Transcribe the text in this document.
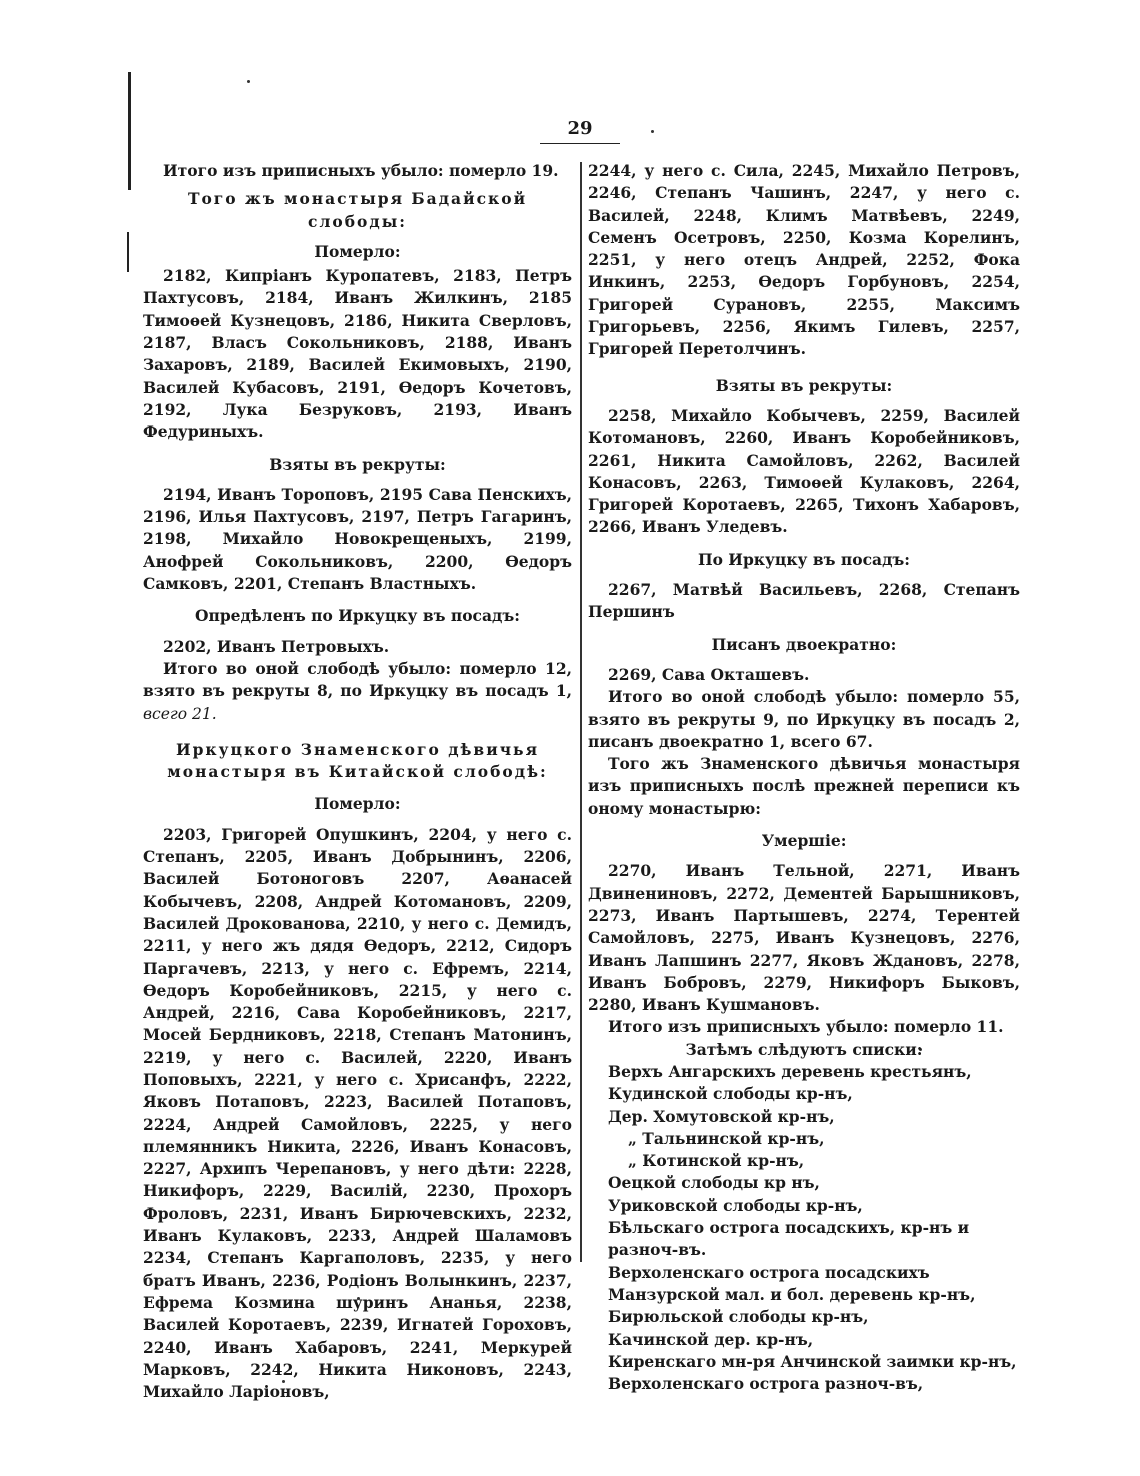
29

Итого изъ приписныхъ убыло: померло 19.

Того жъ монастыря Бадайской слободы:

Померло:

2182, Кипріанъ Куропатевъ, 2183, Петръ Пахтусовъ, 2184, Иванъ Жилкинъ, 2185 Тимоѳей Кузнецовъ, 2186, Никита Сверловъ, 2187, Власъ Сокольниковъ, 2188, Иванъ Захаровъ, 2189, Василей Екимовыхъ, 2190, Василей Кубасовъ, 2191, Ѳедоръ Кочетовъ, 2192, Лука Безруковъ, 2193, Иванъ Федуриныхъ.

Взяты въ рекруты:

2194, Иванъ Тороповъ, 2195 Сава Пенскихъ, 2196, Илья Пахтусовъ, 2197, Петръ Гагаринъ, 2198, Михайло Новокрещеныхъ, 2199, Анофрей Сокольниковъ, 2200, Ѳедоръ Самковъ, 2201, Степанъ Властныхъ.

Опредѣленъ по Иркуцку въ посадъ:

2202, Иванъ Петровыхъ.

Итого во оной слободѣ убыло: померло 12, взято въ рекруты 8, по Иркуцку въ посадъ 1, всего 21.

Иркуцкого Знаменского дѣвичья монастыря въ Китайской слободѣ:

Померло:

2203, Григорей Опушкинъ, 2204, у него с. Степанъ, 2205, Иванъ Добрынинъ, 2206, Василей Ботоноговъ 2207, Аѳанасей Кобычевъ, 2208, Андрей Котомановъ, 2209, Василей Дрокованова, 2210, у него с. Демидъ, 2211, у него жъ дядя Ѳедоръ, 2212, Сидоръ Паргачевъ, 2213, у него с. Ефремъ, 2214, Ѳедоръ Коробейниковъ, 2215, у него с. Андрей, 2216, Сава Коробейниковъ, 2217, Мосей Бердниковъ, 2218, Степанъ Матонинъ, 2219, у него с. Василей, 2220, Иванъ Поповыхъ, 2221, у него с. Хрисанфъ, 2222, Яковъ Потаповъ, 2223, Василей Потаповъ, 2224, Андрей Самойловъ, 2225, у него племянникъ Никита, 2226, Иванъ Конасовъ, 2227, Архипъ Черепановъ, у него дѣти: 2228, Никифоръ, 2229, Василій, 2230, Прохоръ Фроловъ, 2231, Иванъ Бирючевскихъ, 2232, Иванъ Кулаковъ, 2233, Андрей Шаламовъ 2234, Степанъ Каргаполовъ, 2235, у него братъ Иванъ, 2236, Родіонъ Волынкинъ, 2237, Ефрема Козмина шуринъ Ананья, 2238, Василей Коротаевъ, 2239, Игнатей Гороховъ, 2240, Иванъ Хабаровъ, 2241, Меркурей Марковъ, 2242, Никита Никоновъ, 2243, Михайло Ларіоновъ,

2244, у него с. Сила, 2245, Михайло Петровъ, 2246, Степанъ Чашинъ, 2247, у него с. Василей, 2248, Климъ Матвѣевъ, 2249, Семенъ Осетровъ, 2250, Козма Корелинъ, 2251, у него отецъ Андрей, 2252, Фока Инкинъ, 2253, Ѳедоръ Горбуновъ, 2254, Григорей Сурановъ, 2255, Максимъ Григорьевъ, 2256, Якимъ Гилевъ, 2257, Григорей Перетолчинъ.

Взяты въ рекруты:

2258, Михайло Кобычевъ, 2259, Василей Котомановъ, 2260, Иванъ Коробейниковъ, 2261, Никита Самойловъ, 2262, Василей Конасовъ, 2263, Тимоѳей Кулаковъ, 2264, Григорей Коротаевъ, 2265, Тихонъ Хабаровъ, 2266, Иванъ Уледевъ.

По Иркуцку въ посадъ:

2267, Матвѣй Васильевъ, 2268, Степанъ Першинъ

Писанъ двоекратно:

2269, Сава Окташевъ.

Итого во оной слободѣ убыло: померло 55, взято въ рекруты 9, по Иркуцку въ посадъ 2, писанъ двоекратно 1, всего 67.

Того жъ Знаменского дѣвичья монастыря изъ приписныхъ послѣ прежней переписи къ оному монастырю:

Умершіе:

2270, Иванъ Тельной, 2271, Иванъ Двинениновъ, 2272, Дементей Барышниковъ, 2273, Иванъ Партышевъ, 2274, Терентей Самойловъ, 2275, Иванъ Кузнецовъ, 2276, Иванъ Лапшинъ 2277, Яковъ Ждановъ, 2278, Иванъ Бобровъ, 2279, Никифоръ Быковъ, 2280, Иванъ Кушмановъ.

Итого изъ приписныхъ убыло: померло 11.

Затѣмъ слѣдуютъ списки:

Верхъ Ангарскихъ деревень крестьянъ,

Кудинской слободы кр-нъ,

Дер. Хомутовской кр-нъ,

„ Тальнинской кр-нъ,

„ Котинской кр-нъ,

Оецкой слободы кр нъ,

Уриковской слободы кр-нъ,

Бѣльскаго острога посадскихъ, кр-нъ и разноч-въ.

Верхоленскаго острога посадскихъ

Манзурской мал. и бол. деревень кр-нъ,

Бирюльской слободы кр-нъ,

Качинской дер. кр-нъ,

Киренскаго мн-ря Анчинской заимки кр-нъ,

Верхоленскаго острога разноч-въ,
